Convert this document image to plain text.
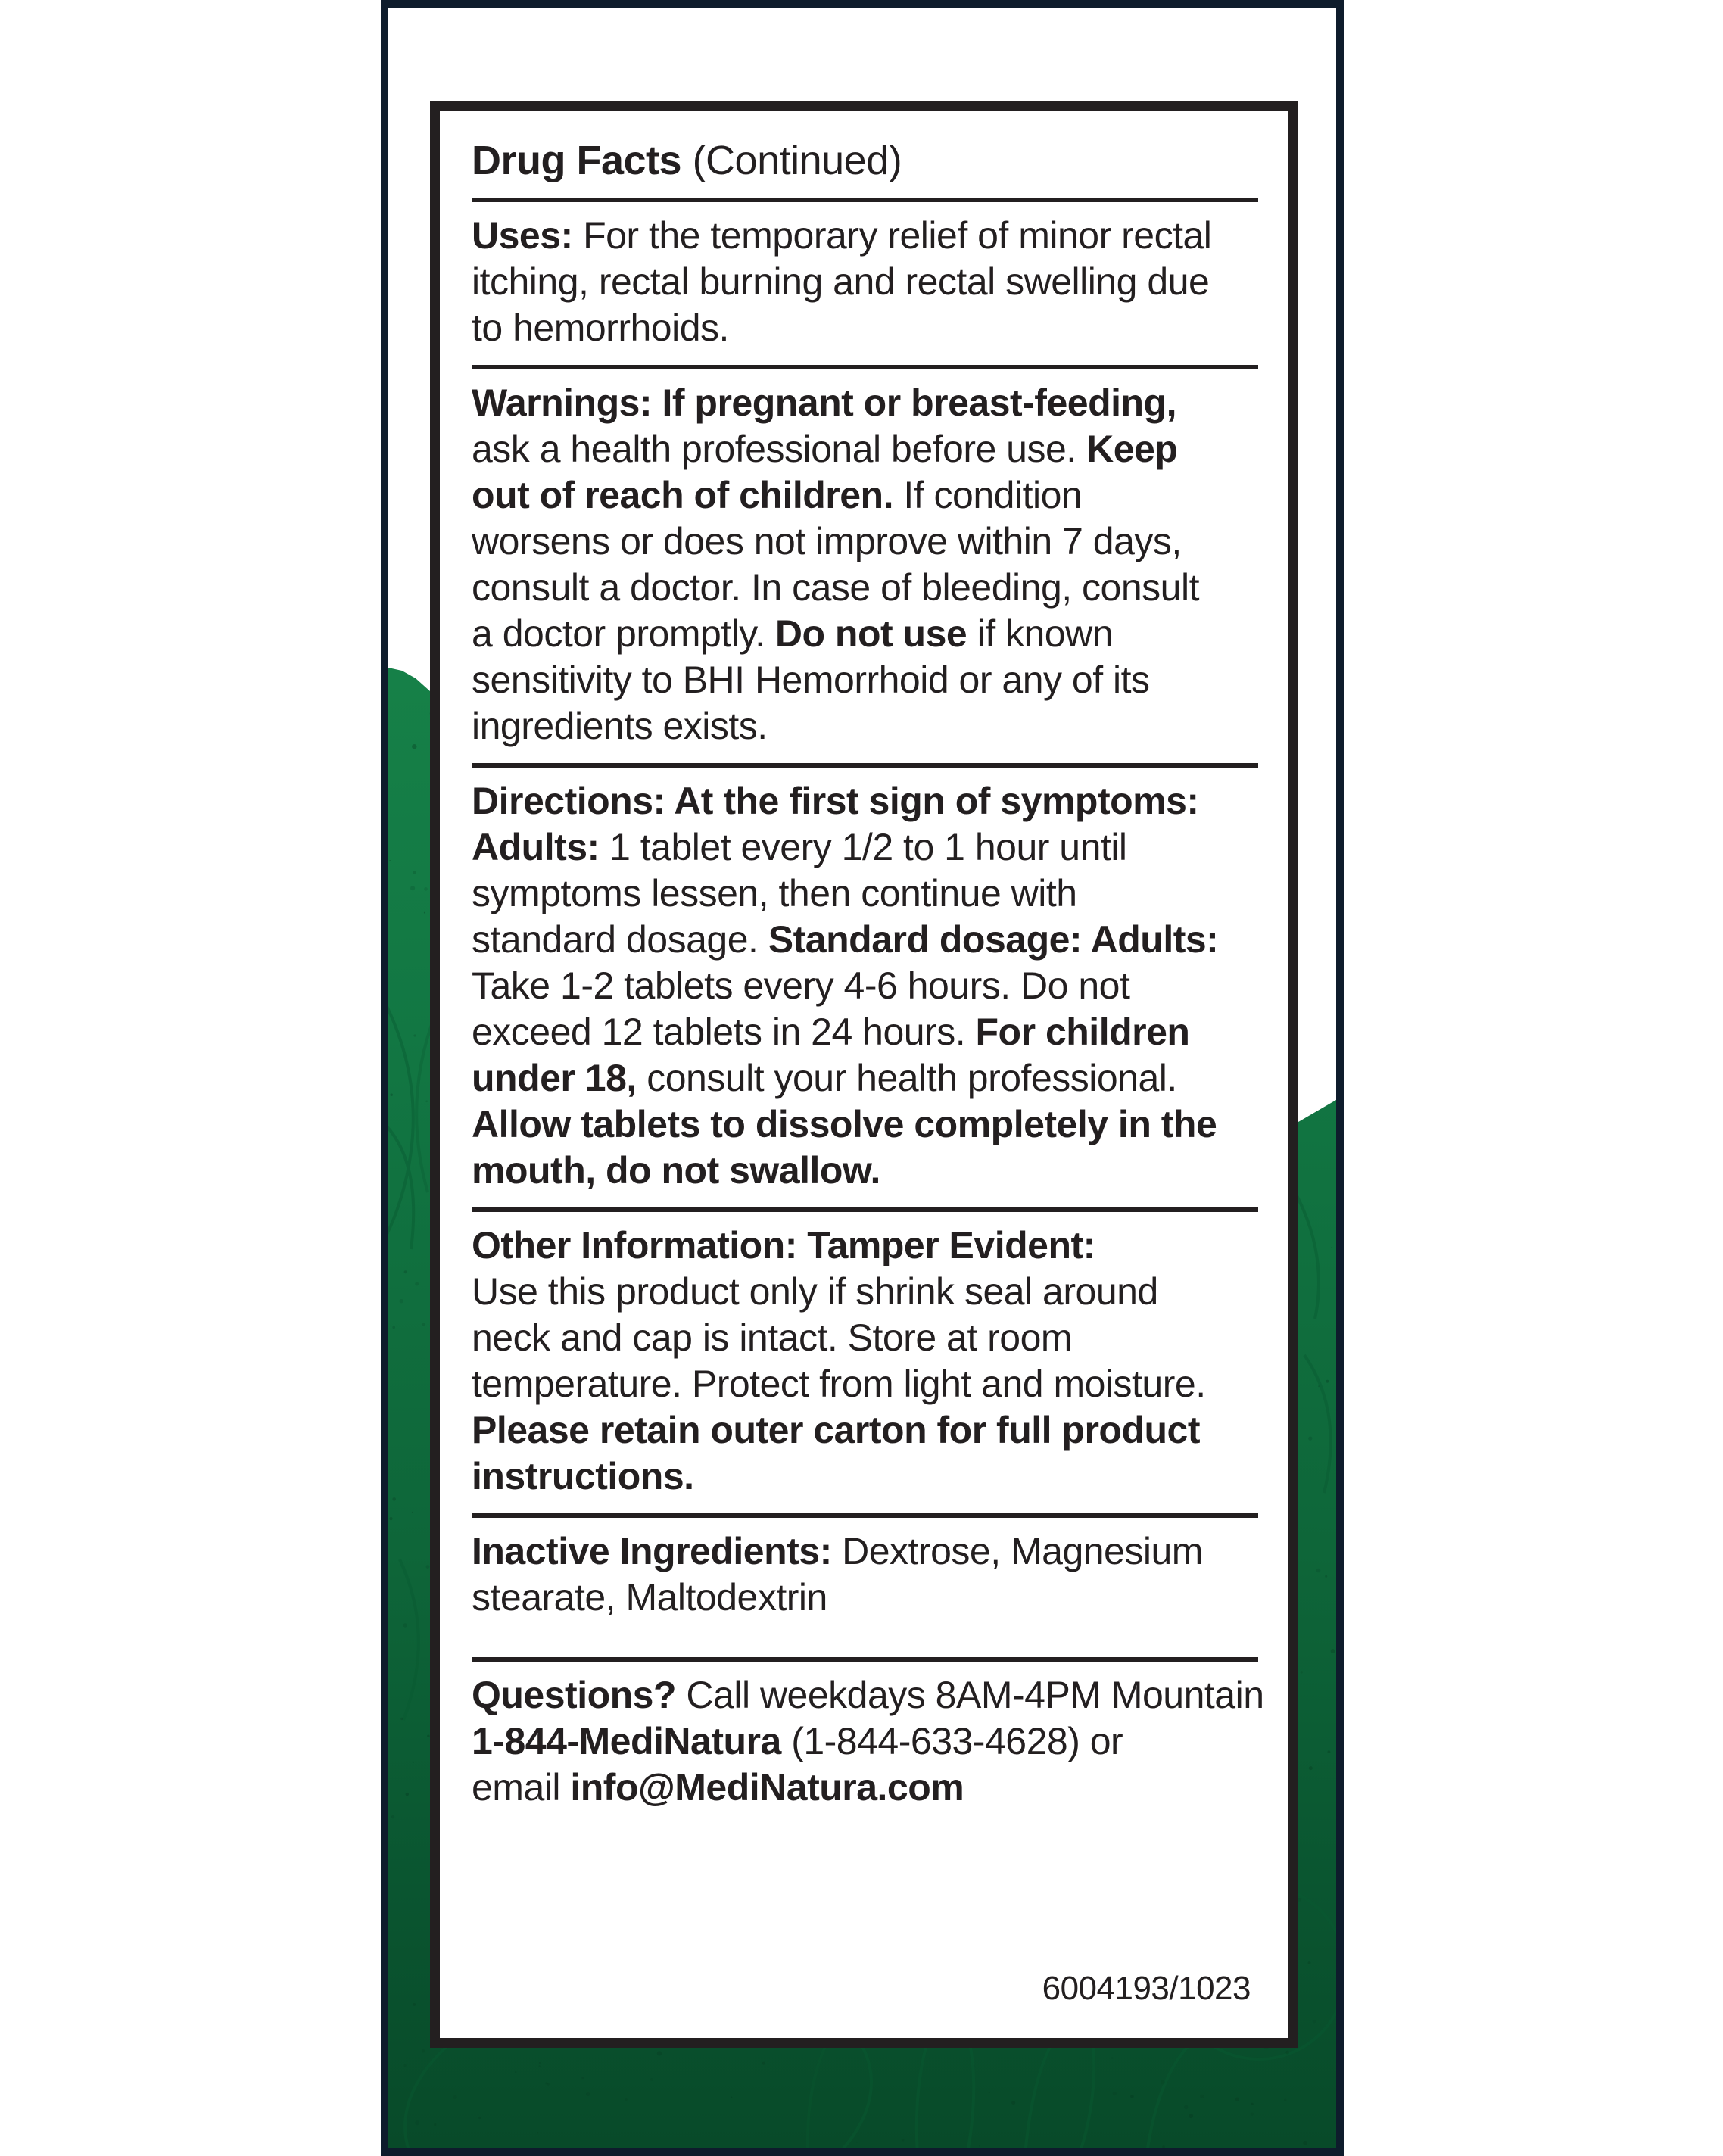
Drug Facts (Continued)
Uses: For the temporary relief of minor rectal
itching, rectal burning and rectal swelling due
to hemorrhoids.
Warnings: If pregnant or breast-feeding,
ask a health professional before use. Keep
out of reach of children. If condition
worsens or does not improve within 7 days,
consult a doctor. In case of bleeding, consult
a doctor promptly. Do not use if known
sensitivity to BHI Hemorrhoid or any of its
ingredients exists.
Directions: At the first sign of symptoms:
Adults: 1 tablet every 1/2 to 1 hour until
symptoms lessen, then continue with
standard dosage. Standard dosage: Adults:
Take 1-2 tablets every 4-6 hours. Do not
exceed 12 tablets in 24 hours. For children
under 18, consult your health professional.
Allow tablets to dissolve completely in the
mouth, do not swallow.
Other Information: Tamper Evident:
Use this product only if shrink seal around
neck and cap is intact. Store at room
temperature. Protect from light and moisture.
Please retain outer carton for full product
instructions.
Inactive Ingredients: Dextrose, Magnesium
stearate, Maltodextrin
Questions? Call weekdays 8AM-4PM Mountain
1-844-MediNatura (1-844-633-4628) or
email info@MediNatura.com
6004193/1023
